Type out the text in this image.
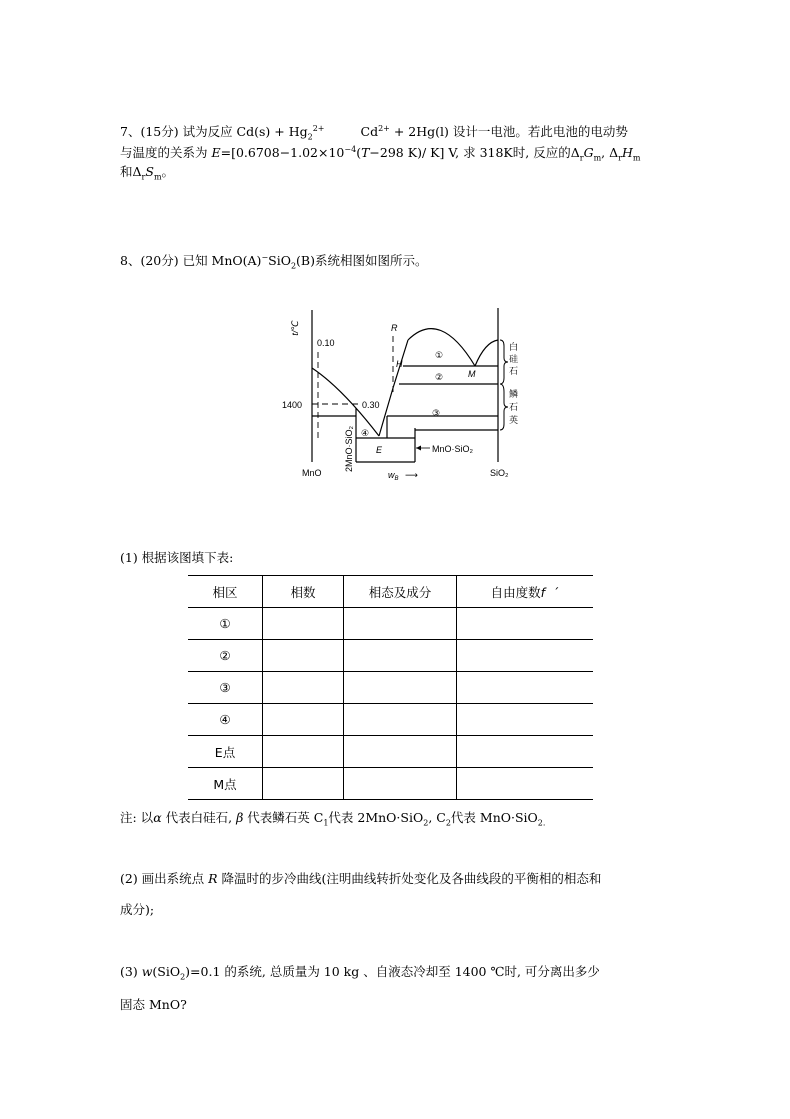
7、(15分) 试为反应 $Cd(s) + Hg_2^{2+}$	$Cd^{2+} + 2Hg(l)$ 设计一电池。若此电池的电动势
与温度的关系为 $E=[0.6708-1.02\times 10^{-4}(T-298$ K)/ K] V, 求 318K时, 反应的$\Delta_rG_m$, $\Delta_rH_m$
和$\Delta_rS_m$。
8、(20分) 已知 MnO(A)−SiO$_2$(B)系统相图如图所示。
t/℃
0.10
1400	0.30
R
H
M
E
①
②
③
④
白
硅
石
鳞
石
英
MnO·SiO₂
2MnO·SiO₂
MnO	$w_B$ ⟶	SiO₂
(1) 根据该图填下表:
相区	相数	相态及成分	自由度数f ´
①			
②			
③			
④			
E点			
M点			
注: 以α 代表白硅石, β 代表鳞石英 $C_1$代表 2MnO·SiO$_2$, $C_2$代表 MnO·SiO$_{2.}$
(2) 画出系统点 R 降温时的步冷曲线(注明曲线转折处变化及各曲线段的平衡相的相态和
成分);
(3) w(SiO$_2$)=0.1 的系统, 总质量为 10 kg 、自液态冷却至 1400 ℃时, 可分离出多少
固态 MnO?
